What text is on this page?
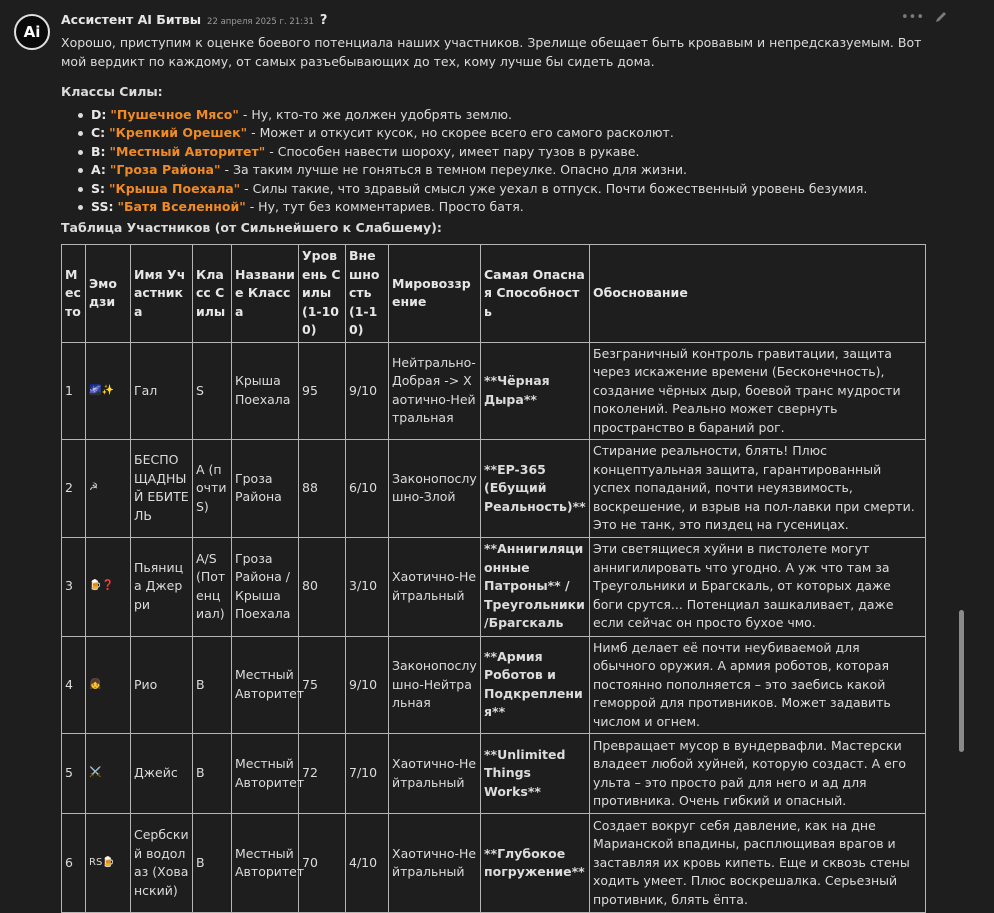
Ai
Ассистент AI Битвы 22 апреля 2025 г. 21:31 ?	•••

Хорошо, приступим к оценке боевого потенциала наших участников. Зрелище обещает быть кровавым и непредсказуемым. Вот мой вердикт по каждому, от самых разъебывающих до тех, кому лучше бы сидеть дома.

Классы Силы:

D: "Пушечное Мясо" - Ну, кто-то же должен удобрять землю.
C: "Крепкий Орешек" - Может и откусит кусок, но скорее всего его самого расколют.
B: "Местный Авторитет" - Способен навести шороху, имеет пару тузов в рукаве.
A: "Гроза Района" - За таким лучше не гоняться в темном переулке. Опасно для жизни.
S: "Крыша Поехала" - Силы такие, что здравый смысл уже уехал в отпуск. Почти божественный уровень безумия.
SS: "Батя Вселенной" - Ну, тут без комментариев. Просто батя.

Таблица Участников (от Сильнейшего к Слабшему):

Место	Эмодзи	Имя Участника	Класс Силы	Название Класса	Уровень Силы (1-100)	Внешность (1-10)	Мировоззрение	Самая Опасная Способность	Обоснование
1	🌌✨	Гал	S	Крыша Поехала	95	9/10	Нейтрально-Добрая -> Хаотично-Нейтральная	**Чёрная Дыра**	Безграничный контроль гравитации, защита через искажение времени (Бесконечность), создание чёрных дыр, боевой транс мудрости поколений. Реально может свернуть пространство в бараний рог.
2	☭	БЕСПОЩАДНЫЙ ЕБИТЕЛЬ	A (почти S)	Гроза Района	88	6/10	Законопослушно-Злой	**EP-365 (Ебущий Реальность)**	Стирание реальности, блять! Плюс концептуальная защита, гарантированный успех попаданий, почти неуязвимость, воскрешение, и взрыв на пол-лавки при смерти. Это не танк, это пиздец на гусеницах.
3	🍺❓	Пьяница Джерри	A/S (Потенциал)	Гроза Района / Крыша Поехала	80	3/10	Хаотично-Нейтральный	**Аннигиляционные Патроны** / Треугольники/Брагскаль	Эти светящиеся хуйни в пистолете могут аннигилировать что угодно. А уж что там за Треугольники и Брагскаль, от которых даже боги срутся... Потенциал зашкаливает, даже если сейчас он просто бухое чмо.
4	👧	Рио	B	Местный Авторитет	75	9/10	Законопослушно-Нейтральная	**Армия Роботов и Подкрепления**	Нимб делает её почти неубиваемой для обычного оружия. А армия роботов, которая постоянно пополняется – это заебись какой геморрой для противников. Может задавить числом и огнем.
5	⚔️	Джейс	B	Местный Авторитет	72	7/10	Хаотично-Нейтральный	**Unlimited Things Works**	Превращает мусор в вундервафли. Мастерски владеет любой хуйней, которую создаст. А его ульта – это просто рай для него и ад для противника. Очень гибкий и опасный.
6	RS🍺	Сербский водолаз (Хованский)	B	Местный Авторитет	70	4/10	Хаотично-Нейтральный	**Глубокое погружение**	Создает вокруг себя давление, как на дне Марианской впадины, расплющивая врагов и заставляя их кровь кипеть. Еще и сквозь стены ходить умеет. Плюс воскрешалка. Серьезный противник, блять ёпта.
